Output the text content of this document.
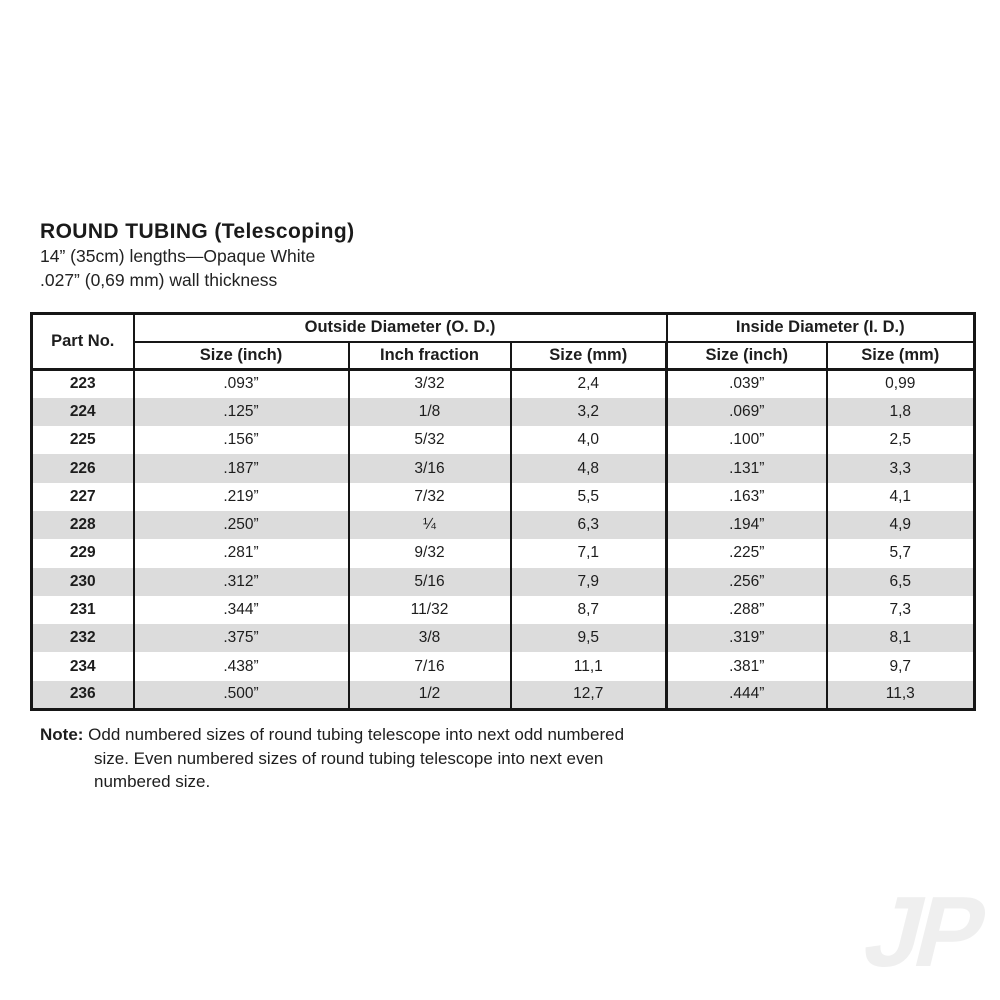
ROUND TUBING (Telescoping)
14” (35cm) lengths—Opaque White
.027” (0,69 mm) wall thickness
Part No.	Outside Diameter (O. D.)			Inside Diameter (I. D.)	
	Size (inch)	Inch fraction	Size (mm)	Size (inch)	Size (mm)
223	.093”	3/32	2,4	.039”	0,99
224	.125”	1/8	3,2	.069”	1,8
225	.156”	5/32	4,0	.100”	2,5
226	.187”	3/16	4,8	.131”	3,3
227	.219”	7/32	5,5	.163”	4,1
228	.250”	¼	6,3	.194”	4,9
229	.281”	9/32	7,1	.225”	5,7
230	.312”	5/16	7,9	.256”	6,5
231	.344”	11/32	8,7	.288”	7,3
232	.375”	3/8	9,5	.319”	8,1
234	.438”	7/16	11,1	.381”	9,7
236	.500”	1/2	12,7	.444”	11,3
Note: Odd numbered sizes of round tubing telescope into next odd numbered size. Even numbered sizes of round tubing telescope into next even numbered size.
JP
